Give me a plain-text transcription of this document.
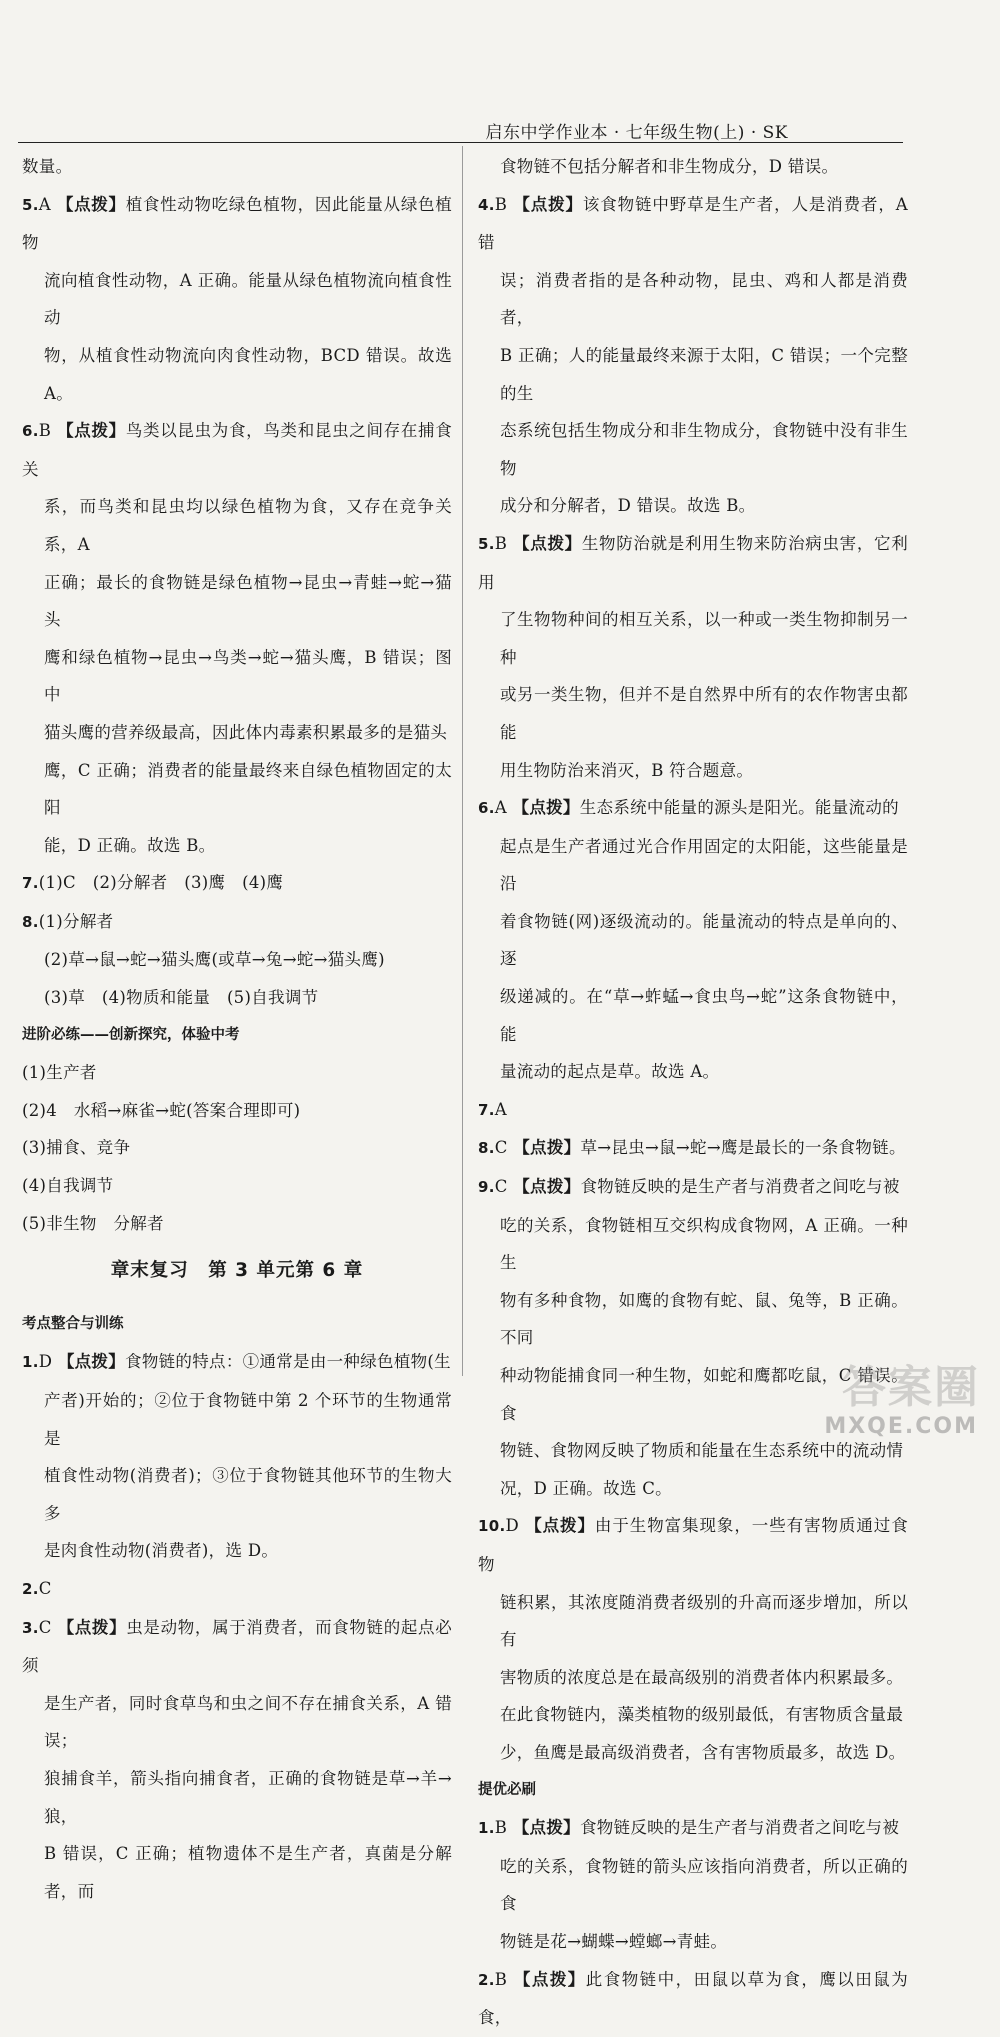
启东中学作业本 · 七年级生物(上) · SK

数量。

5.A 【点拨】植食性动物吃绿色植物，因此能量从绿色植物

流向植食性动物，A 正确。能量从绿色植物流向植食性动

物，从植食性动物流向肉食性动物，BCD 错误。故选 A。

6.B 【点拨】鸟类以昆虫为食，鸟类和昆虫之间存在捕食关

系，而鸟类和昆虫均以绿色植物为食，又存在竞争关系，A

正确；最长的食物链是绿色植物→昆虫→青蛙→蛇→猫头

鹰和绿色植物→昆虫→鸟类→蛇→猫头鹰，B 错误；图中

猫头鹰的营养级最高，因此体内毒素积累最多的是猫头

鹰，C 正确；消费者的能量最终来自绿色植物固定的太阳

能，D 正确。故选 B。

7.(1)C　(2)分解者　(3)鹰　(4)鹰

8.(1)分解者

(2)草→鼠→蛇→猫头鹰(或草→兔→蛇→猫头鹰)

(3)草　(4)物质和能量　(5)自我调节

进阶必练——创新探究，体验中考

(1)生产者

(2)4　水稻→麻雀→蛇(答案合理即可)

(3)捕食、竞争

(4)自我调节

(5)非生物　分解者

章末复习　第 3 单元第 6 章

考点整合与训练

1.D 【点拨】食物链的特点：①通常是由一种绿色植物(生

产者)开始的；②位于食物链中第 2 个环节的生物通常是

植食性动物(消费者)；③位于食物链其他环节的生物大多

是肉食性动物(消费者)，选 D。

2.C

3.C 【点拨】虫是动物，属于消费者，而食物链的起点必须

是生产者，同时食草鸟和虫之间不存在捕食关系，A 错误；

狼捕食羊，箭头指向捕食者，正确的食物链是草→羊→狼，

B 错误，C 正确；植物遗体不是生产者，真菌是分解者，而

食物链不包括分解者和非生物成分，D 错误。

4.B 【点拨】该食物链中野草是生产者，人是消费者，A 错

误；消费者指的是各种动物，昆虫、鸡和人都是消费者，

B 正确；人的能量最终来源于太阳，C 错误；一个完整的生

态系统包括生物成分和非生物成分，食物链中没有非生物

成分和分解者，D 错误。故选 B。

5.B 【点拨】生物防治就是利用生物来防治病虫害，它利用

了生物物种间的相互关系，以一种或一类生物抑制另一种

或另一类生物，但并不是自然界中所有的农作物害虫都能

用生物防治来消灭，B 符合题意。

6.A 【点拨】生态系统中能量的源头是阳光。能量流动的

起点是生产者通过光合作用固定的太阳能，这些能量是沿

着食物链(网)逐级流动的。能量流动的特点是单向的、逐

级递减的。在“草→蚱蜢→食虫鸟→蛇”这条食物链中，能

量流动的起点是草。故选 A。

7.A

8.C 【点拨】草→昆虫→鼠→蛇→鹰是最长的一条食物链。

9.C 【点拨】食物链反映的是生产者与消费者之间吃与被

吃的关系，食物链相互交织构成食物网，A 正确。一种生

物有多种食物，如鹰的食物有蛇、鼠、兔等，B 正确。不同

种动物能捕食同一种生物，如蛇和鹰都吃鼠，C 错误。食

物链、食物网反映了物质和能量在生态系统中的流动情

况，D 正确。故选 C。

10.D 【点拨】由于生物富集现象，一些有害物质通过食物

链积累，其浓度随消费者级别的升高而逐步增加，所以有

害物质的浓度总是在最高级别的消费者体内积累最多。

在此食物链内，藻类植物的级别最低，有害物质含量最

少，鱼鹰是最高级消费者，含有害物质最多，故选 D。

提优必刷

1.B 【点拨】食物链反映的是生产者与消费者之间吃与被

吃的关系，食物链的箭头应该指向消费者，所以正确的食

物链是花→蝴蝶→螳螂→青蛙。

2.B 【点拨】此食物链中，田鼠以草为食，鹰以田鼠为食，

答案圈
MXQE.COM
